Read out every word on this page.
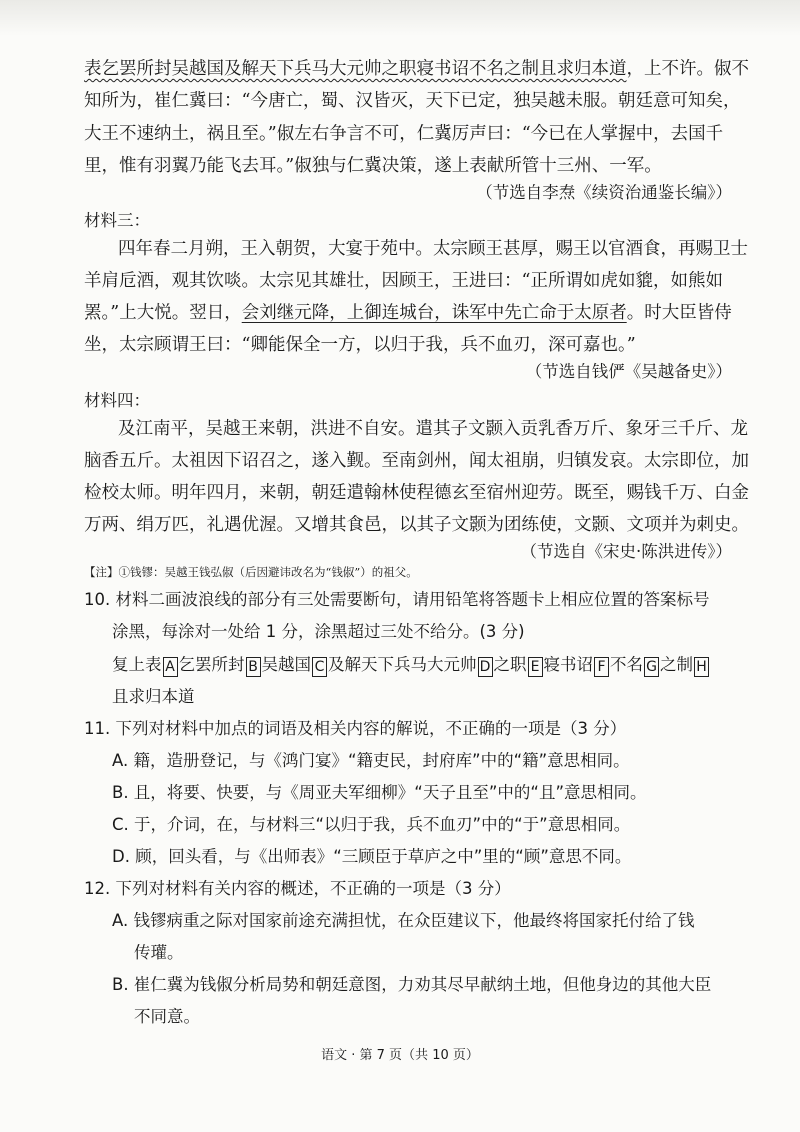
表乞罢所封吴越国及解天下兵马大元帅之职寝书诏不名之制且求归本道，上不许。俶不
知所为，崔仁冀曰：“今唐亡，蜀、汉皆灭，天下已定，独吴越未服。朝廷意可知矣，
大王不速纳土，祸且至。”俶左右争言不可，仁冀厉声曰：“今已在人掌握中，去国千
里，惟有羽翼乃能飞去耳。”俶独与仁冀决策，遂上表献所管十三州、一军。
（节选自李焘《续资治通鉴长编》）
材料三：
四年春二月朔，王入朝贺，大宴于苑中。太宗顾王甚厚，赐王以官酒食，再赐卫士
羊肩卮酒，观其饮啖。太宗见其雄壮，因顾王，王进曰：“正所谓如虎如貔，如熊如
罴。”上大悦。翌日，会刘继元降，上御连城台，诛军中先亡命于太原者。时大臣皆侍
坐，太宗顾谓王曰：“卿能保全一方，以归于我，兵不血刃，深可嘉也。”
（节选自钱俨《吴越备史》）
材料四：
及江南平，吴越王来朝，洪进不自安。遣其子文颢入贡乳香万斤、象牙三千斤、龙
脑香五斤。太祖因下诏召之，遂入觐。至南剑州，闻太祖崩，归镇发哀。太宗即位，加
检校太师。明年四月，来朝，朝廷遣翰林使程德玄至宿州迎劳。既至，赐钱千万、白金
万两、绢万匹，礼遇优渥。又增其食邑，以其子文颢为团练使，文颢、文项并为刺史。
（节选自《宋史·陈洪进传》）
【注】①钱镠：吴越王钱弘俶（后因避讳改名为“钱俶”）的祖父。
10. 材料二画波浪线的部分有三处需要断句，请用铅笔将答题卡上相应位置的答案标号
涂黑，每涂对一处给 1 分，涂黑超过三处不给分。(3 分)
复上表 A 乞罢所封 B 吴越国 C 及解天下兵马大元帅 D 之职 E 寝书诏 F 不名 G 之制 H
且求归本道
11. 下列对材料中加点的词语及相关内容的解说，不正确的一项是（3 分）
A. 籍，造册登记，与《鸿门宴》“籍吏民，封府库”中的“籍”意思相同。
B. 且，将要、快要，与《周亚夫军细柳》“天子且至”中的“且”意思相同。
C. 于，介词，在，与材料三“以归于我，兵不血刃”中的“于”意思相同。
D. 顾，回头看，与《出师表》“三顾臣于草庐之中”里的“顾”意思不同。
12. 下列对材料有关内容的概述，不正确的一项是（3 分）
A. 钱镠病重之际对国家前途充满担忧，在众臣建议下，他最终将国家托付给了钱
传瓘。
B. 崔仁冀为钱俶分析局势和朝廷意图，力劝其尽早献纳土地，但他身边的其他大臣
不同意。
语文 · 第 7 页（共 10 页）
